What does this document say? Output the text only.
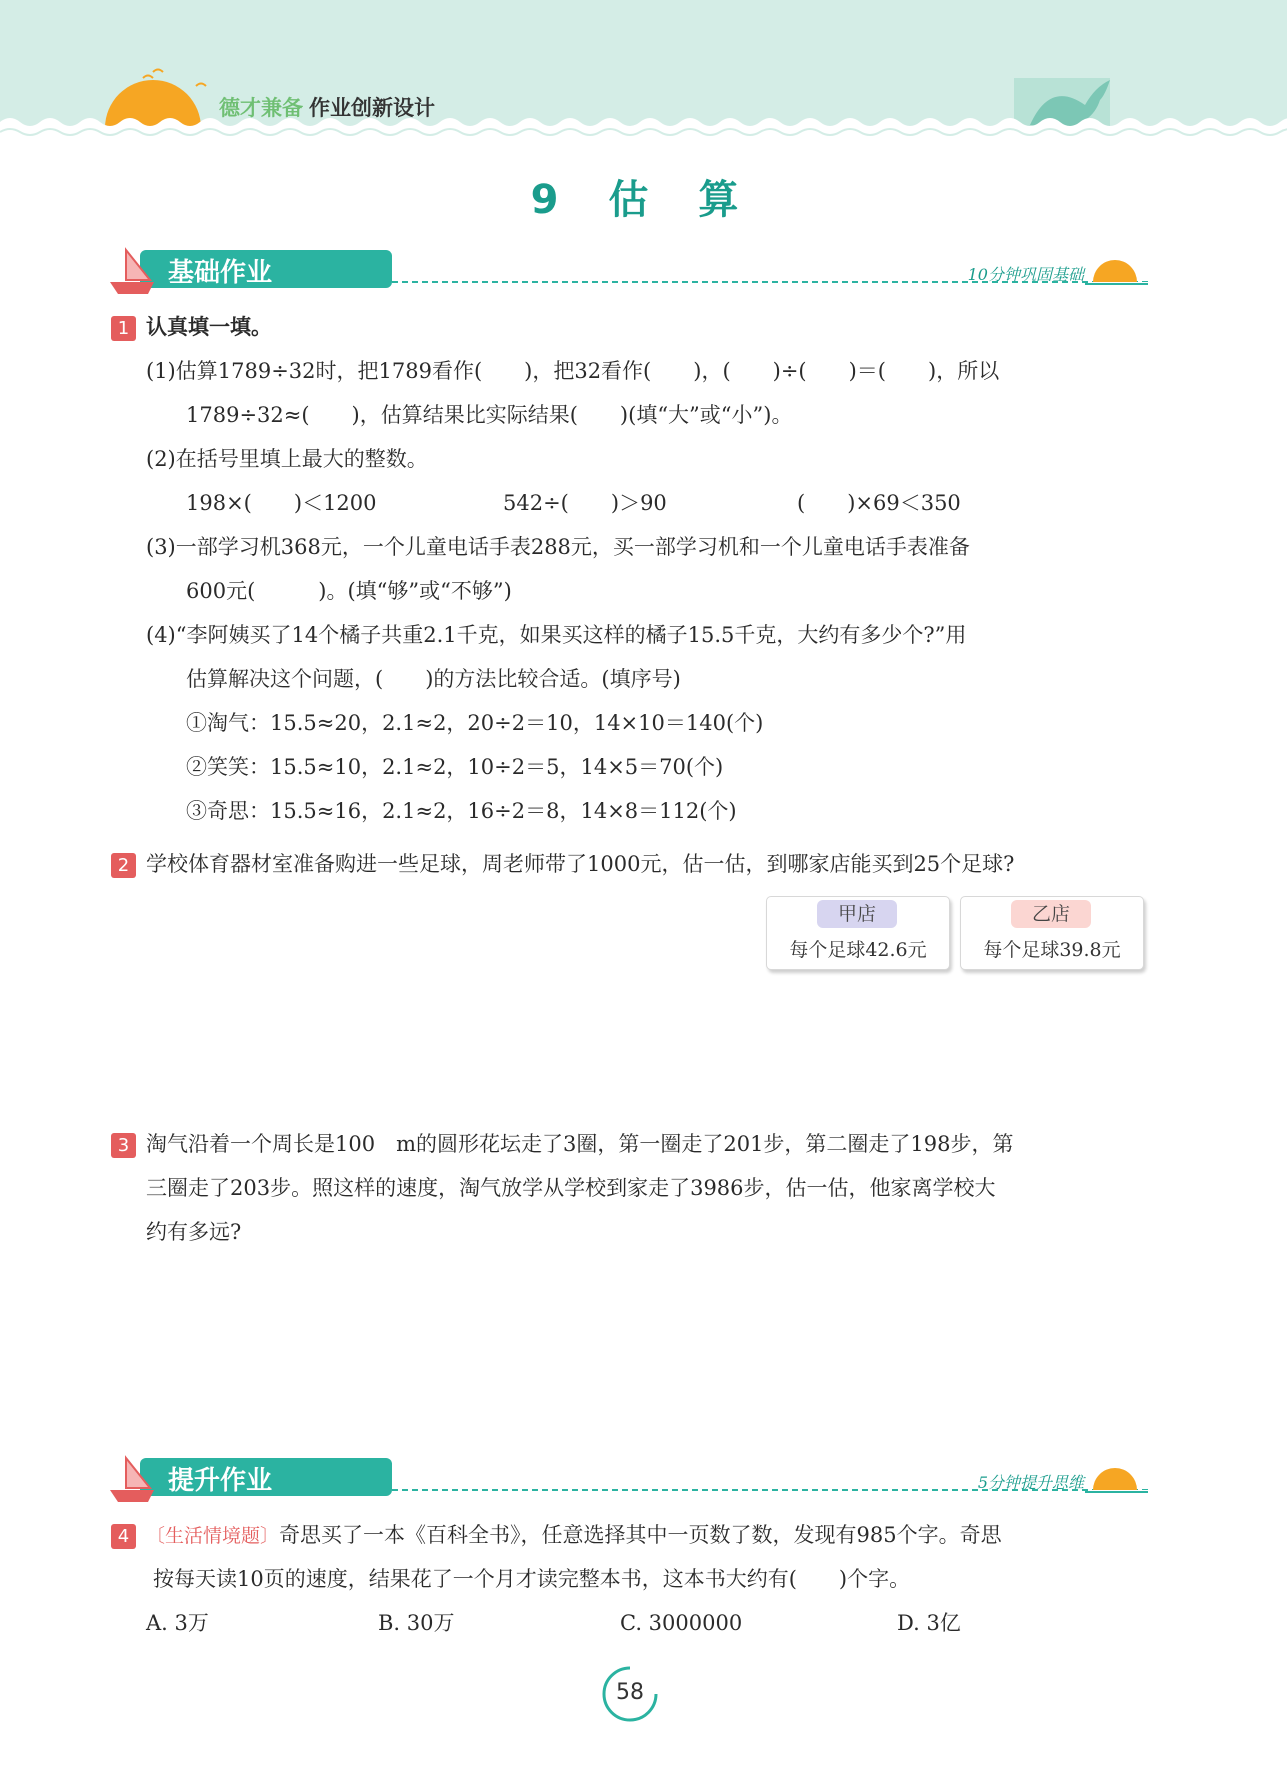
德才兼备 作业创新设计
9 估 算
基础作业	10分钟巩固基础
1 认真填一填。
(1)估算1789÷32时，把1789看作(　　)，把32看作(　　)，(　　)÷(　　)＝(　　)，所以
1789÷32≈(　　)，估算结果比实际结果(　　)(填“大”或“小”)。
(2)在括号里填上最大的整数。
198×(　　)＜1200	542÷(　　)＞90	(　　)×69＜350
(3)一部学习机368元，一个儿童电话手表288元，买一部学习机和一个儿童电话手表准备
600元(　　　)。(填“够”或“不够”)
(4)“李阿姨买了14个橘子共重2.1千克，如果买这样的橘子15.5千克，大约有多少个?”用
估算解决这个问题，(　　)的方法比较合适。(填序号)
①淘气：15.5≈20，2.1≈2，20÷2＝10，14×10＝140(个)
②笑笑：15.5≈10，2.1≈2，10÷2＝5，14×5＝70(个)
③奇思：15.5≈16，2.1≈2，16÷2＝8，14×8＝112(个)
2 学校体育器材室准备购进一些足球，周老师带了1000元，估一估，到哪家店能买到25个足球?
甲店
每个足球42.6元
乙店
每个足球39.8元
3 淘气沿着一个周长是100　m的圆形花坛走了3圈，第一圈走了201步，第二圈走了198步，第
三圈走了203步。照这样的速度，淘气放学从学校到家走了3986步，估一估，他家离学校大
约有多远?
提升作业	5分钟提升思维
4 〔生活情境题〕奇思买了一本《百科全书》，任意选择其中一页数了数，发现有985个字。奇思
按每天读10页的速度，结果花了一个月才读完整本书，这本书大约有(　　)个字。
A. 3万	B. 30万	C. 3000000	D. 3亿
58
